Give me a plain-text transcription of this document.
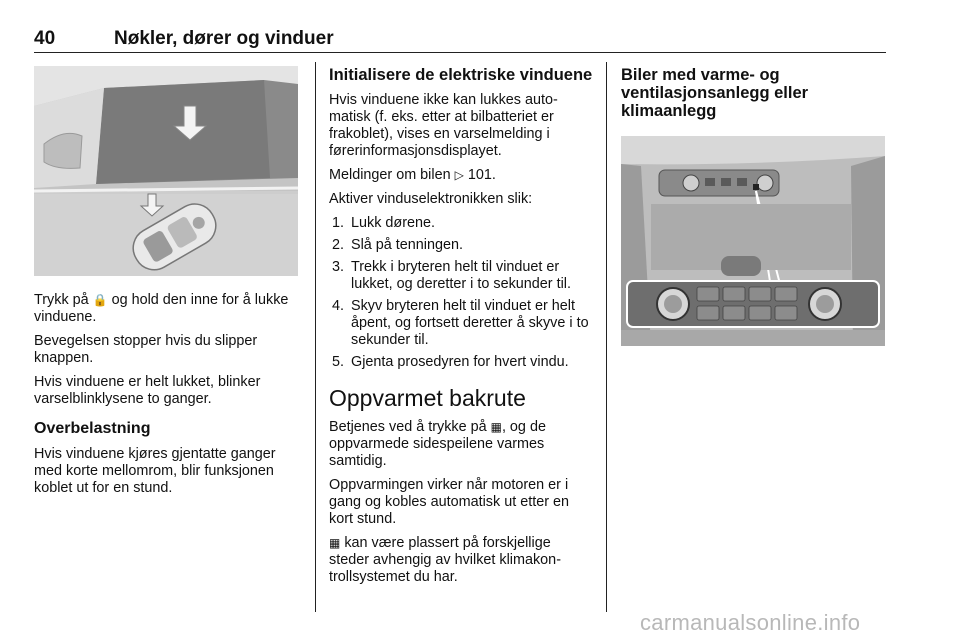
40	Nøkler, dører og vinduer

Trykk på 🔒 og hold den inne for å lukke vinduene.

Bevegelsen stopper hvis du slipper knappen.

Hvis vinduene er helt lukket, blinker varselblinklysene to ganger.

Overbelastning

Hvis vinduene kjøres gjentatte ganger med korte mellomrom, blir funksjonen koblet ut for en stund.

Initialisere de elektriske vinduene

Hvis vinduene ikke kan lukkes automatisk (f. eks. etter at bilbatteriet er frakoblet), vises en varselmelding i førerinformasjonsdisplayet.

Meldinger om bilen ▷ 101.

Aktiver vinduselektronikken slik:

1. Lukk dørene.
2. Slå på tenningen.
3. Trekk i bryteren helt til vinduet er lukket, og deretter i to sekunder til.
4. Skyv bryteren helt til vinduet er helt åpent, og fortsett deretter å skyve i to sekunder til.
5. Gjenta prosedyren for hvert vindu.
Oppvarmet bakrute

Betjenes ved å trykke på ▦, og de oppvarmede sidespeilene varmes samtidig.

Oppvarmingen virker når motoren er i gang og kobles automatisk ut etter en kort stund.

▦ kan være plassert på forskjellige steder avhengig av hvilket klimakontrollsystemet du har.

Biler med varme- og ventilasjonsanlegg eller klimaanlegg
carmanualsonline.info
